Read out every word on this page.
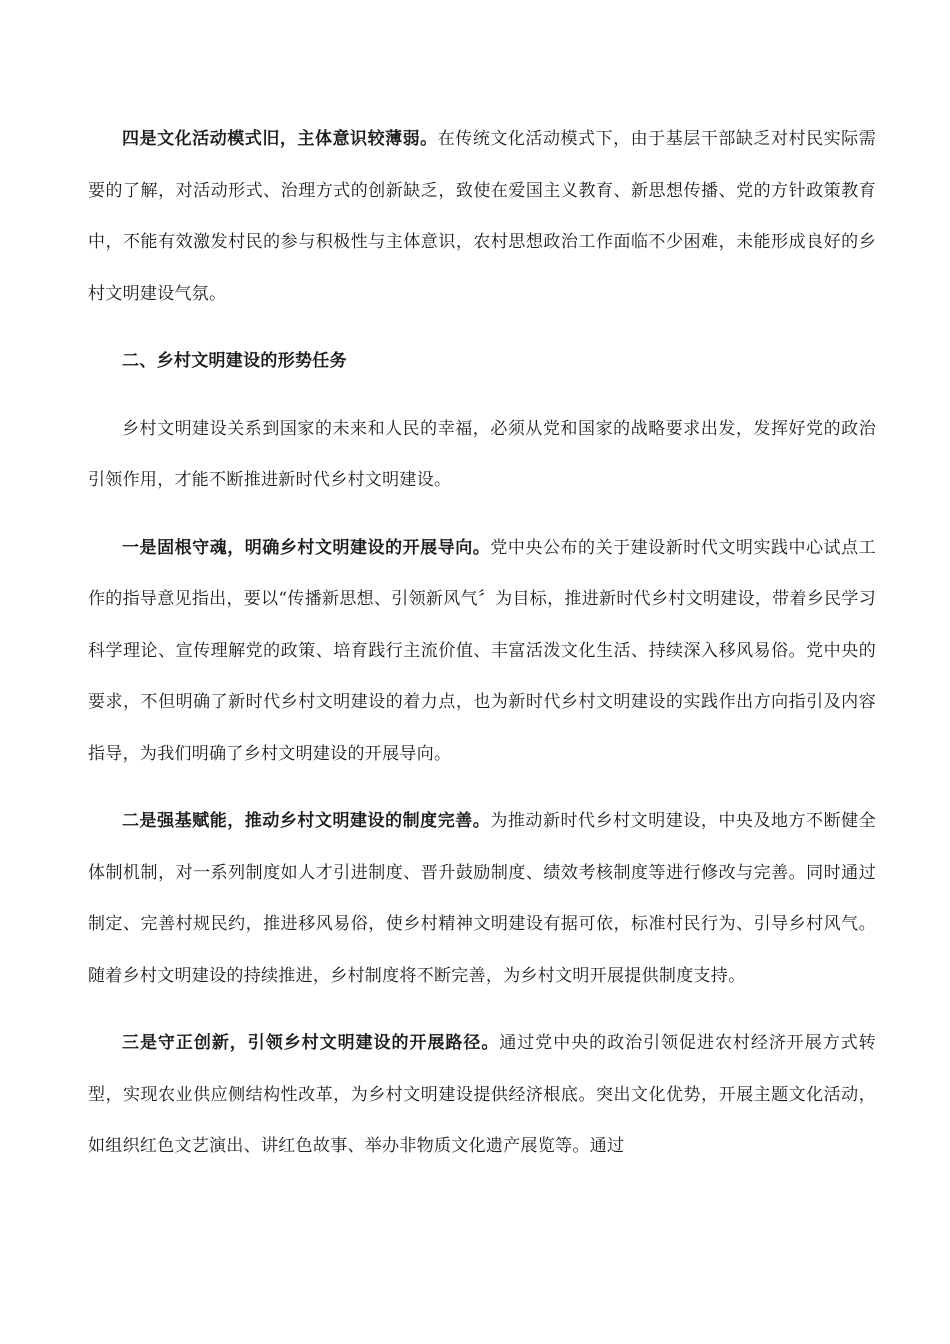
四是文化活动模式旧，主体意识较薄弱。在传统文化活动模式下，由于基层干部缺乏对村民实际需要的了解，对活动形式、治理方式的创新缺乏，致使在爱国主义教育、新思想传播、党的方针政策教育中，不能有效激发村民的参与积极性与主体意识，农村思想政治工作面临不少困难，未能形成良好的乡村文明建设气氛。

二、乡村文明建设的形势任务

乡村文明建设关系到国家的未来和人民的幸福，必须从党和国家的战略要求出发，发挥好党的政治引领作用，才能不断推进新时代乡村文明建设。

一是固根守魂，明确乡村文明建设的开展导向。党中央公布的关于建设新时代文明实践中心试点工作的指导意见指出，要以“传播新思想、引领新风气〞为目标，推进新时代乡村文明建设，带着乡民学习科学理论、宣传理解党的政策、培育践行主流价值、丰富活泼文化生活、持续深入移风易俗。党中央的要求，不但明确了新时代乡村文明建设的着力点，也为新时代乡村文明建设的实践作出方向指引及内容指导，为我们明确了乡村文明建设的开展导向。

二是强基赋能，推动乡村文明建设的制度完善。为推动新时代乡村文明建设，中央及地方不断健全体制机制，对一系列制度如人才引进制度、晋升鼓励制度、绩效考核制度等进行修改与完善。同时通过制定、完善村规民约，推进移风易俗，使乡村精神文明建设有据可依，标准村民行为、引导乡村风气。随着乡村文明建设的持续推进，乡村制度将不断完善，为乡村文明开展提供制度支持。

三是守正创新，引领乡村文明建设的开展路径。通过党中央的政治引领促进农村经济开展方式转型，实现农业供应侧结构性改革，为乡村文明建设提供经济根底。突出文化优势，开展主题文化活动，如组织红色文艺演出、讲红色故事、举办非物质文化遗产展览等。通过
